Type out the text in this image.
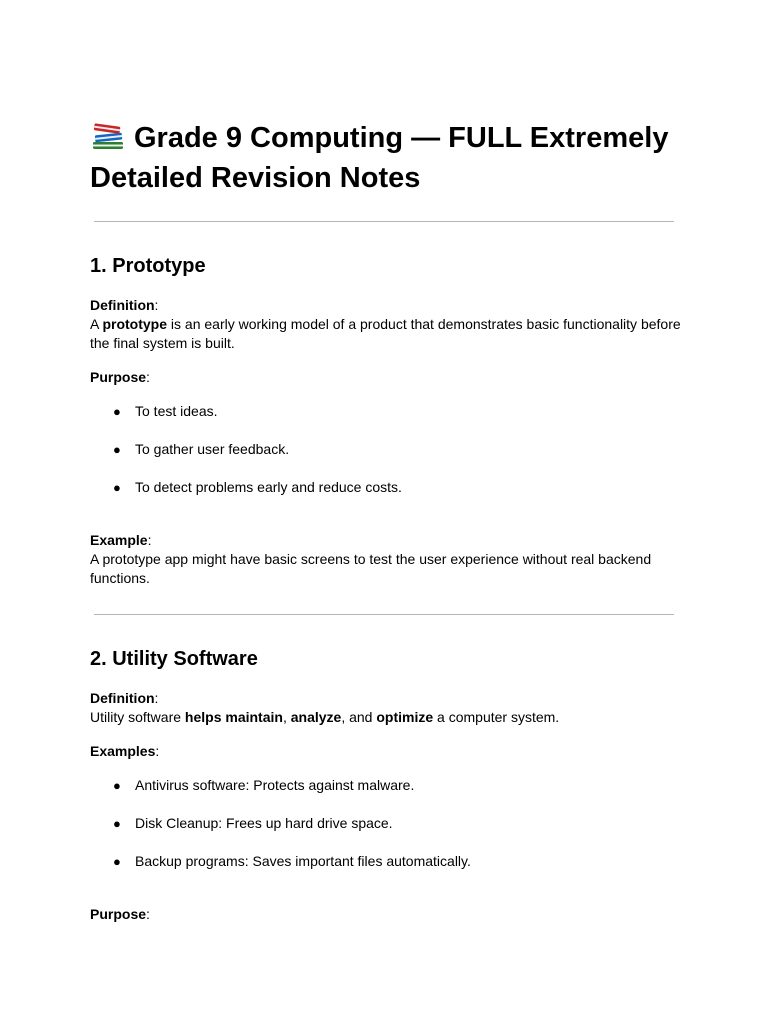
Grade 9 Computing — FULL Extremely Detailed Revision Notes
1. Prototype

Definition:

A prototype is an early working model of a product that demonstrates basic functionality before the final system is built.

Purpose:

● To test ideas.
● To gather user feedback.
● To detect problems early and reduce costs.

Example:

A prototype app might have basic screens to test the user experience without real backend functions.

2. Utility Software

Definition:

Utility software helps maintain, analyze, and optimize a computer system.

Examples:

● Antivirus software: Protects against malware.
● Disk Cleanup: Frees up hard drive space.
● Backup programs: Saves important files automatically.

Purpose:
